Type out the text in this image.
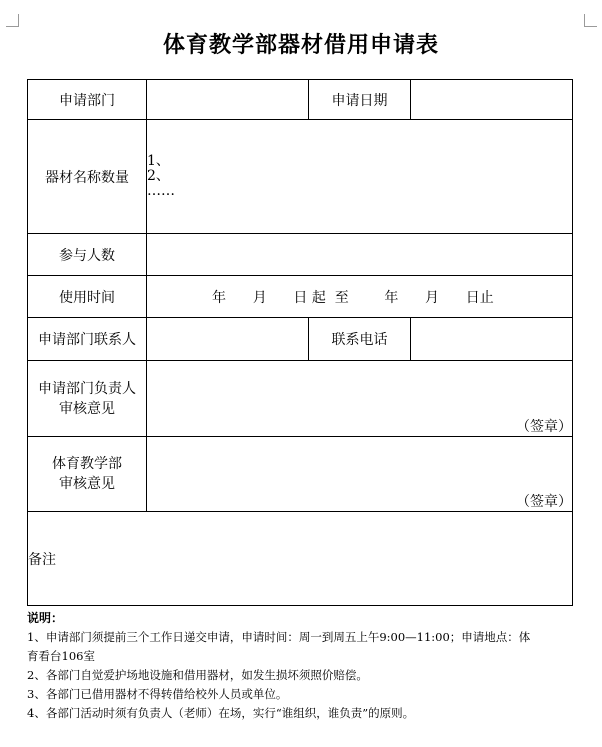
体育教学部器材借用申请表
申请部门		申请日期	
器材名称数量	1、
2、
……		

参与人数			
使用时间	年      月      日 起  至        年      月      日止		

申请部门联系人		联系电话	

申请部门负责人
审核意见	（签章）		

体育教学部
审核意见	（签章）		
备注			
说明：
1、申请部门须提前三个工作日递交申请，申请时间：周一到周五上午9:00—11:00；申请地点：体
育看台106室
2、各部门自觉爱护场地设施和借用器材，如发生损坏须照价赔偿。
3、各部门已借用器材不得转借给校外人员或单位。
4、各部门活动时须有负责人（老师）在场，实行“谁组织，谁负责”的原则。
